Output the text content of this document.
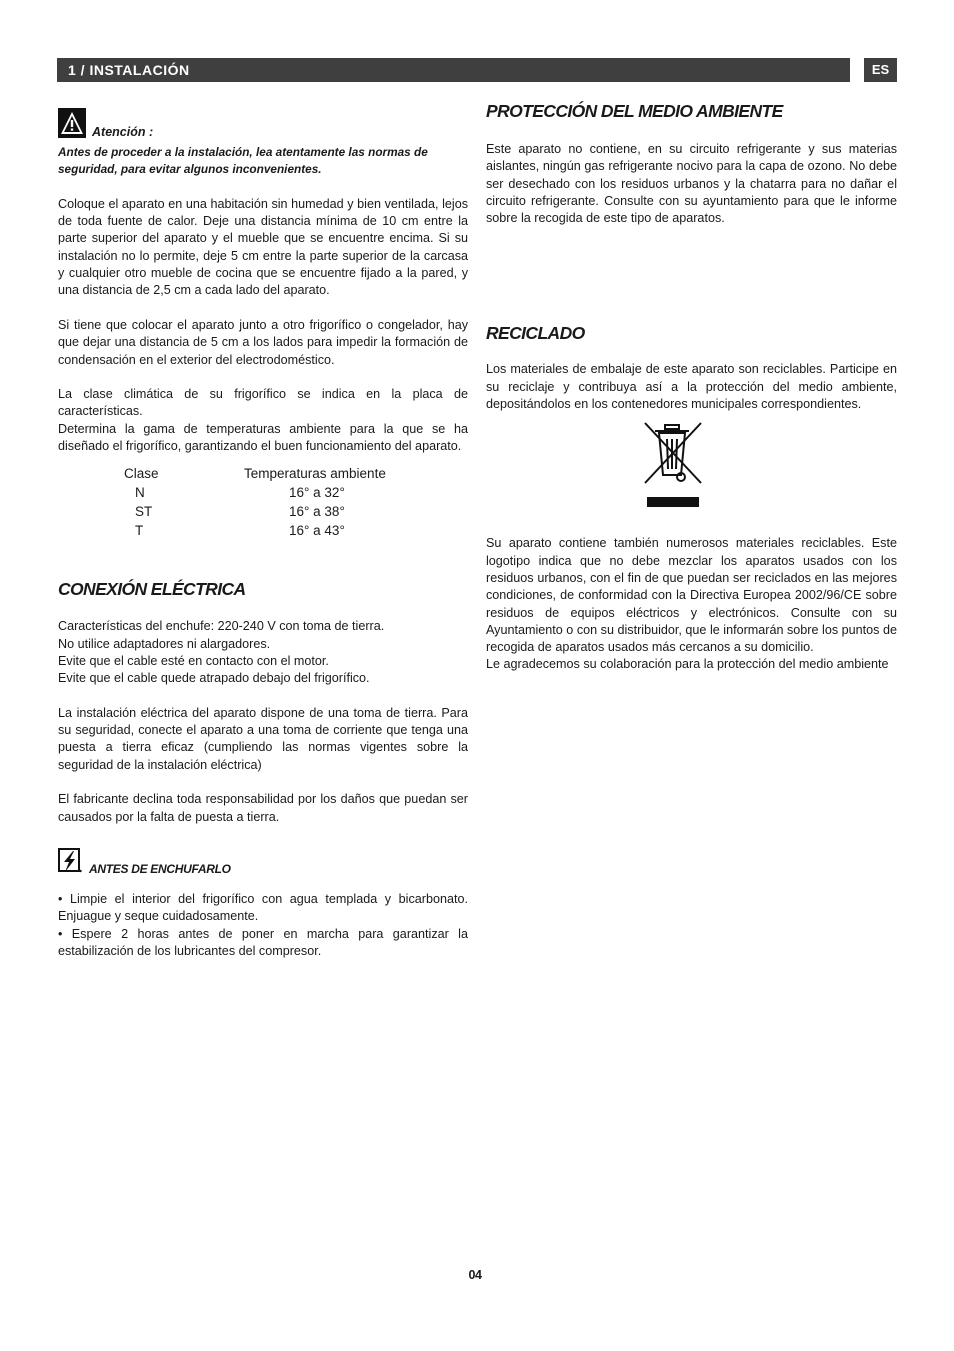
1 / INSTALACIÓN	ES
Atención :

Antes de proceder a la instalación, lea atentamente las normas de seguridad, para evitar algunos inconvenientes.

Coloque el aparato en una habitación sin humedad y bien ventilada, lejos de toda fuente de calor. Deje una distancia mínima de 10 cm entre la parte superior del aparato y el mueble que se encuentre encima. Si su instalación no lo permite, deje 5 cm entre la parte superior de la carcasa y cualquier otro mueble de cocina que se encuentre fijado a la pared, y una distancia de 2,5 cm a cada lado del aparato.

Si tiene que colocar el aparato junto a otro frigorífico o congelador, hay que dejar una distancia de 5 cm a los lados para impedir la formación de condensación en el exterior del electrodoméstico.

La clase climática de su frigorífico se indica en la placa de características.

Determina la gama de temperaturas ambiente para la que se ha diseñado el frigorífico, garantizando el buen funcionamiento del aparato.

Clase	Temperaturas ambiente
N	16° a 32°
ST	16° a 38°
T	16° a 43°
CONEXIÓN ELÉCTRICA

Características del enchufe: 220-240 V con toma de tierra.

No utilice adaptadores ni alargadores.

Evite que el cable esté en contacto con el motor.

Evite que el cable quede atrapado debajo del frigorífico.

La instalación eléctrica del aparato dispone de una toma de tierra. Para su seguridad, conecte el aparato a una toma de corriente que tenga una puesta a tierra eficaz (cumpliendo las normas vigentes sobre la seguridad de la instalación eléctrica)

El fabricante declina toda responsabilidad por los daños que puedan ser causados por la falta de puesta a tierra.

ANTES DE ENCHUFARLO

• Limpie el interior del frigorífico con agua templada y bicarbonato. Enjuague y seque cuidadosamente.

• Espere 2 horas antes de poner en marcha para garantizar la estabilización de los lubricantes del compresor.

PROTECCIÓN DEL MEDIO AMBIENTE

Este aparato no contiene, en su circuito refrigerante y sus materias aislantes, ningún gas refrigerante nocivo para la capa de ozono. No debe ser desechado con los residuos urbanos y la chatarra para no dañar el circuito refrigerante. Consulte con su ayuntamiento para que le informe sobre la recogida de este tipo de aparatos.

RECICLADO

Los materiales de embalaje de este aparato son reciclables. Participe en su reciclaje y contribuya así a la protección del medio ambiente, depositándolos en los contenedores municipales correspondientes.

Su aparato contiene también numerosos materiales reciclables. Este logotipo indica que no debe mezclar los aparatos usados con los residuos urbanos, con el fin de que puedan ser reciclados en las mejores condiciones, de conformidad con la Directiva Europea 2002/96/CE sobre residuos de equipos eléctricos y electrónicos. Consulte con su Ayuntamiento o con su distribuidor, que le informarán sobre los puntos de recogida de aparatos usados más cercanos a su domicilio.

Le agradecemos su colaboración para la protección del medio ambiente

04
